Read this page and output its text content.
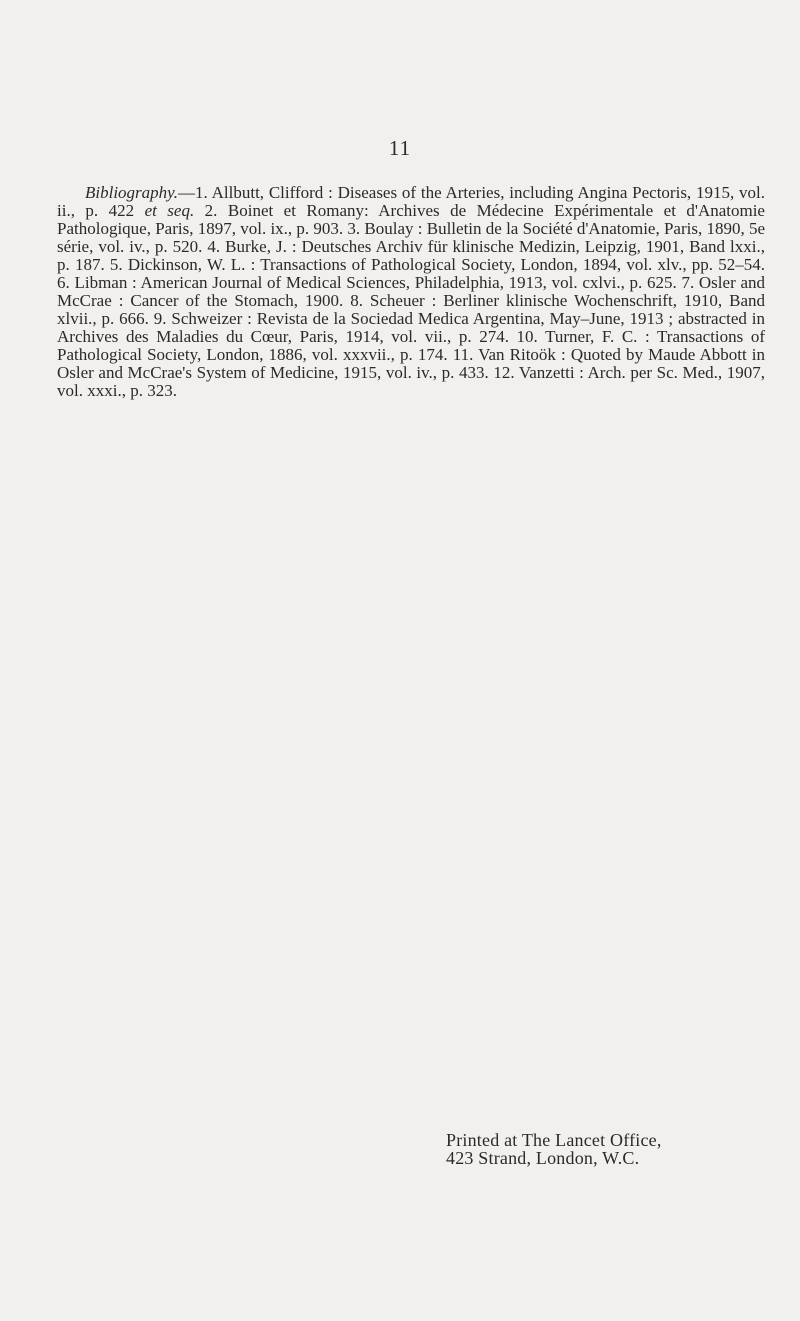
11

Bibliography.—1. Allbutt, Clifford : Diseases of the Arteries, including Angina Pectoris, 1915, vol. ii., p. 422 et seq. 2. Boinet et Romany: Archives de Médecine Expérimentale et d'Anatomie Pathologique, Paris, 1897, vol. ix., p. 903. 3. Boulay : Bulletin de la Société d'Anatomie, Paris, 1890, 5e série, vol. iv., p. 520. 4. Burke, J. : Deutsches Archiv für klinische Medizin, Leipzig, 1901, Band lxxi., p. 187. 5. Dickinson, W. L. : Transactions of Pathological Society, London, 1894, vol. xlv., pp. 52–54. 6. Libman : American Journal of Medical Sciences, Philadelphia, 1913, vol. cxlvi., p. 625. 7. Osler and McCrae : Cancer of the Stomach, 1900. 8. Scheuer : Berliner klinische Wochenschrift, 1910, Band xlvii., p. 666. 9. Schweizer : Revista de la Sociedad Medica Argentina, May–June, 1913 ; abstracted in Archives des Maladies du Cœur, Paris, 1914, vol. vii., p. 274. 10. Turner, F. C. : Transactions of Pathological Society, London, 1886, vol. xxxvii., p. 174. 11. Van Ritoök : Quoted by Maude Abbott in Osler and McCrae's System of Medicine, 1915, vol. iv., p. 433. 12. Vanzetti : Arch. per Sc. Med., 1907, vol. xxxi., p. 323.

Printed at The Lancet Office,
423 Strand, London, W.C.
